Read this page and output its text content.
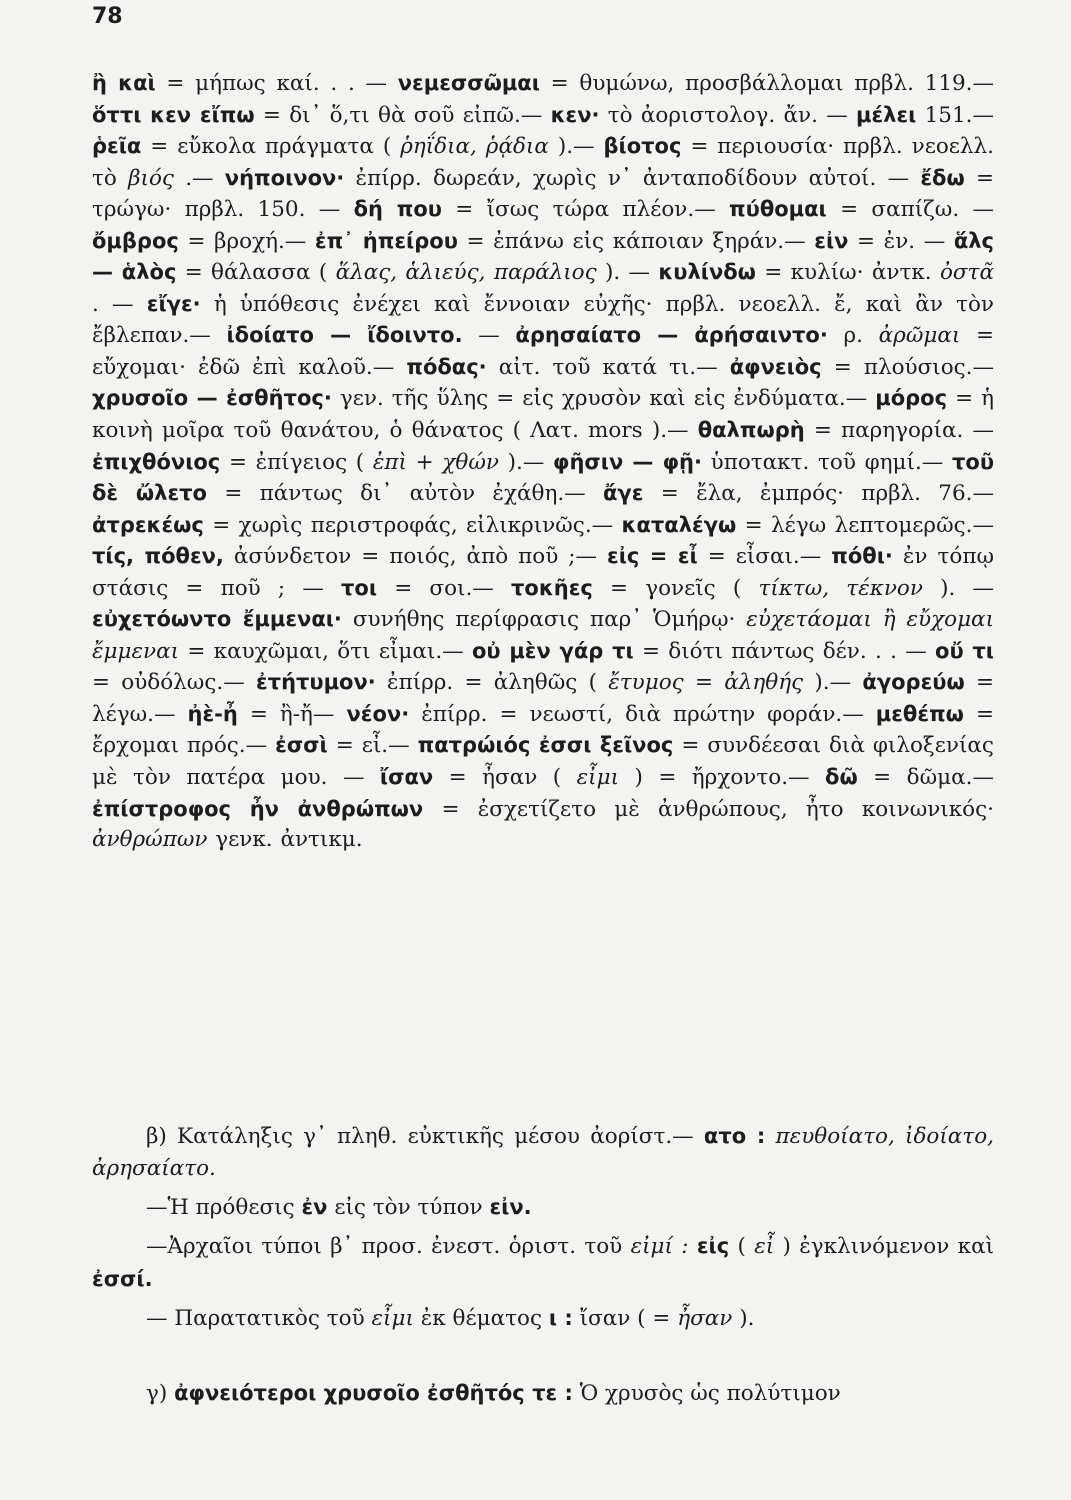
78
ἢ καὶ = μήπως καί. . . — νεμεσσῶμαι = θυμώνω, προσβάλλομαι πρβλ. 119.— ὅττι κεν εἴπω = δι᾽ ὅ,τι θὰ σοῦ εἰπῶ.— κεν· τὸ ἀοριστολογ. ἄν. — μέλει 151.— ῥεῖα = εὔκολα πράγματα ( ῥηΐδια, ῥᾴδια ).— βίοτος = περιουσία· πρβλ. νεοελλ. τὸ βιός .— νήποινον· ἐπίρρ. δωρεάν, χωρὶς ν᾽ ἀνταποδίδουν αὐτοί. — ἔδω = τρώγω· πρβλ. 150. — δή που = ἴσως τώρα πλέον.— πύθομαι = σαπίζω. — ὄμβρος = βροχή.— ἐπ᾽ ἠπείρου = ἐπάνω εἰς κάποιαν ξηράν.— εἰν = ἐν. — ἅλς — ἁλὸς = θάλασσα ( ἅλας, ἁλιεύς, παράλιος ). — κυλίνδω = κυλίω· ἀντκ. ὀστᾶ . — εἴγε· ἡ ὑπόθεσις ἐνέχει καὶ ἔννοιαν εὐχῆς· πρβλ. νεοελλ. ἔ, καὶ ἂν τὸν ἔβλεπαν.— ἰδοίατο — ἴδοιντο. — ἀρησαίατο — ἀρήσαιντο· ρ. ἀρῶμαι = εὔχομαι· ἐδῶ ἐπὶ καλοῦ.— πόδας· αἰτ. τοῦ κατά τι.— ἀφνειὸς = πλούσιος.— χρυσοῖο — ἐσθῆτος· γεν. τῆς ὕλης = εἰς χρυσὸν καὶ εἰς ἐνδύματα.— μόρος = ἡ κοινὴ μοῖρα τοῦ θανάτου, ὁ θάνατος ( Λατ. mors ).— θαλπωρὴ = παρηγορία. — ἐπιχθόνιος = ἐπίγειος ( ἐπὶ + χθών ).— φῆσιν — φῇ· ὑποτακτ. τοῦ φημί.— τοῦ δὲ ὤλετο = πάντως δι᾽ αὐτὸν ἐχάθη.— ἄγε = ἔλα, ἐμπρός· πρβλ. 76.— ἀτρεκέως = χωρὶς περιστροφάς, εἰλικρινῶς.— καταλέγω = λέγω λεπτομερῶς.— τίς, πόθεν, ἀσύνδετον = ποιός, ἀπὸ ποῦ ;— εἰς = εἶ = εἶσαι.— πόθι· ἐν τόπῳ στάσις = ποῦ ; — τοι = σοι.— τοκῆες = γονεῖς ( τίκτω, τέκνον ). — εὐχετόωντο ἔμμεναι· συνήθης περίφρασις παρ᾽ Ὁμήρῳ· εὐχετάομαι ἢ εὔχομαι ἔμμεναι = καυχῶμαι, ὅτι εἶμαι.— οὐ μὲν γάρ τι = διότι πάντως δέν. . . — οὔ τι = οὐδόλως.— ἐτήτυμον· ἐπίρρ. = ἀληθῶς ( ἔτυμος = ἀληθής ).— ἀγορεύω = λέγω.— ἠὲ-ἦ = ἢ-ἤ— νέον· ἐπίρρ. = νεωστί, διὰ πρώτην φοράν.— μεθέπω = ἔρχομαι πρός.— ἐσσὶ = εἶ.— πατρώιός ἐσσι ξεῖνος = συνδέεσαι διὰ φιλοξενίας μὲ τὸν πατέρα μου. — ἴσαν = ἦσαν ( εἶμι ) = ἤρχοντο.— δῶ = δῶμα.— ἐπίστροφος ἦν ἀνθρώπων = ἐσχετίζετο μὲ ἀνθρώπους, ἦτο κοινωνικός· ἀνθρώπων γενκ. ἀντικμ.

β) Κατάληξις γ᾽ πληθ. εὐκτικῆς μέσου ἀορίστ.— ατο : πευθοίατο, ἰδοίατο, ἀρησαίατο.

—Ἡ πρόθεσις ἐν εἰς τὸν τύπον εἰν.

—Ἀρχαῖοι τύποι β᾽ προσ. ἐνεστ. ὁριστ. τοῦ εἰμί : εἰς ( εἶ ) ἐγκλινόμενον καὶ ἐσσί.

— Παρατατικὸς τοῦ εἶμι ἐκ θέματος ι : ἴσαν ( = ἦσαν ).

γ) ἀφνειότεροι χρυσοῖο ἐσθῆτός τε : Ὁ χρυσὸς ὡς πολύτιμον
